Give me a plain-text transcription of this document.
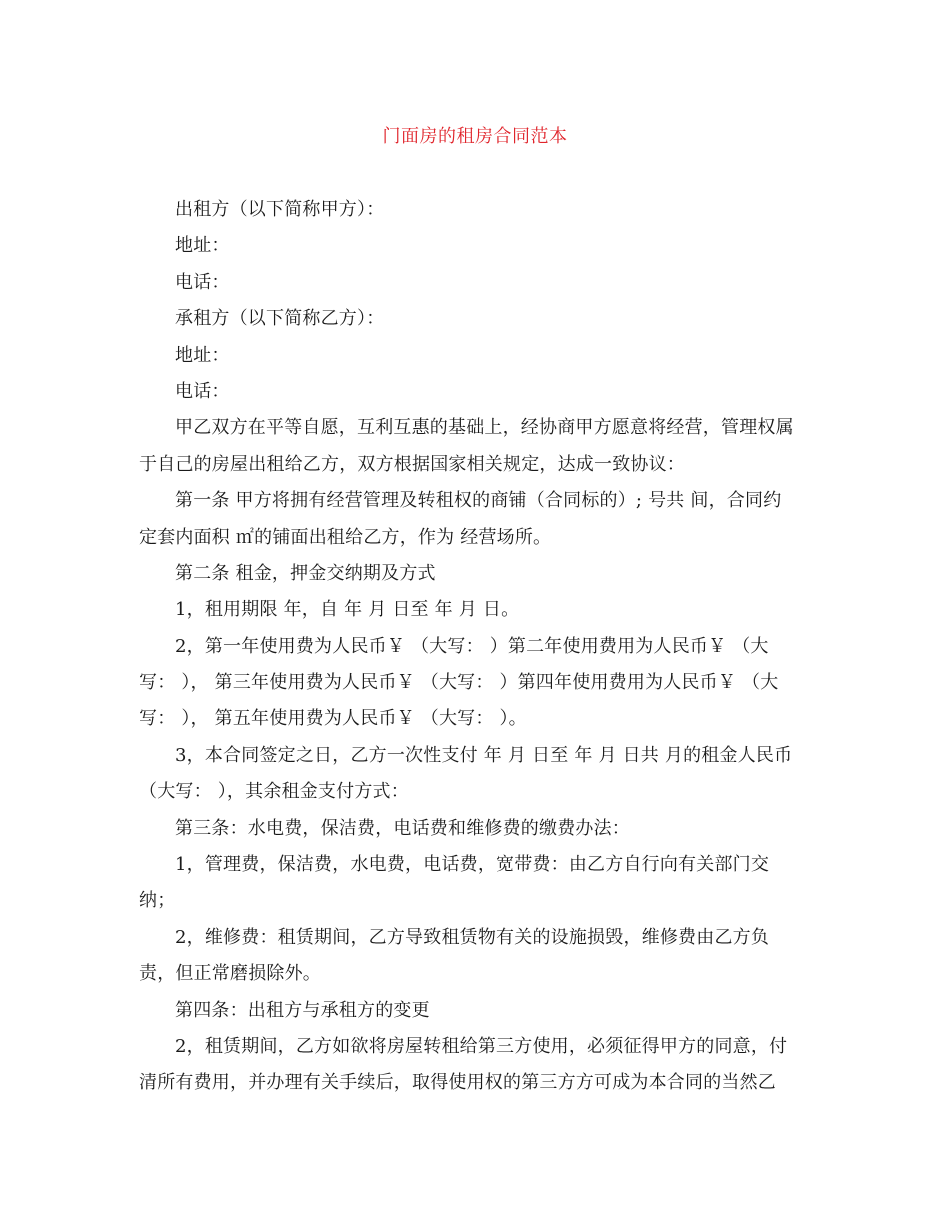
门面房的租房合同范本
出租方（以下简称甲方）：
地址：
电话：
承租方（以下简称乙方）：
地址：
电话：
甲乙双方在平等自愿，互利互惠的基础上，经协商甲方愿意将经营，管理权属
于自己的房屋出租给乙方，双方根据国家相关规定，达成一致协议：
第一条 甲方将拥有经营管理及转租权的商铺（合同标的）; 号共 间，合同约
定套内面积 ㎡的铺面出租给乙方，作为 经营场所。
第二条 租金，押金交纳期及方式
1，租用期限 年，自 年 月 日至 年 月 日。
2，第一年使用费为人民币￥ （大写： ）第二年使用费用为人民币￥ （大
写： ）， 第三年使用费为人民币￥ （大写： ）第四年使用费用为人民币￥ （大
写： ）， 第五年使用费为人民币￥ （大写： ）。
3，本合同签定之日，乙方一次性支付 年 月 日至 年 月 日共 月的租金人民币
（大写： ），其余租金支付方式：
第三条：水电费，保洁费，电话费和维修费的缴费办法：
1，管理费，保洁费，水电费，电话费，宽带费：由乙方自行向有关部门交
纳；
2，维修费：租赁期间，乙方导致租赁物有关的设施损毁，维修费由乙方负
责，但正常磨损除外。
第四条：出租方与承租方的变更
2，租赁期间，乙方如欲将房屋转租给第三方使用，必须征得甲方的同意，付
清所有费用，并办理有关手续后，取得使用权的第三方方可成为本合同的当然乙
